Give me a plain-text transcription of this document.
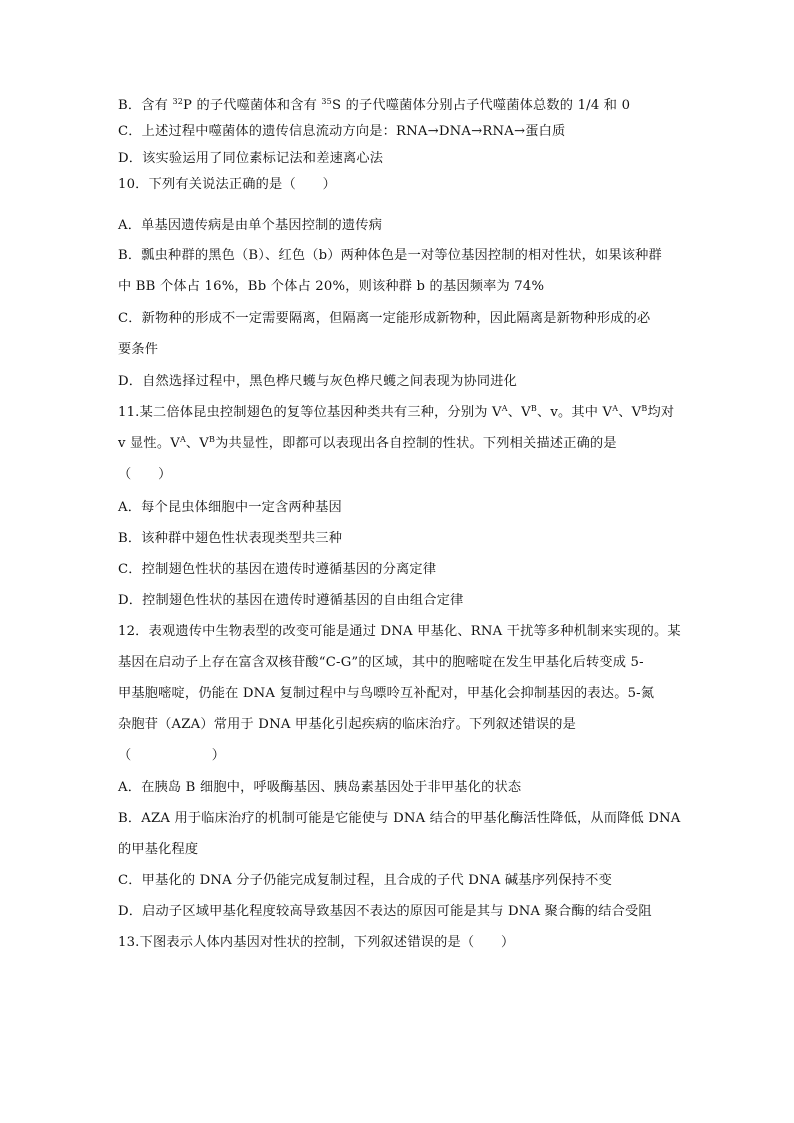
B．含有 $^{32}$P 的子代噬菌体和含有 $^{35}$S 的子代噬菌体分别占子代噬菌体总数的 1/4 和 0
C．上述过程中噬菌体的遗传信息流动方向是：RNA→DNA→RNA→蛋白质
D．该实验运用了同位素标记法和差速离心法
10．下列有关说法正确的是（　　）
A．单基因遗传病是由单个基因控制的遗传病
B．瓢虫种群的黑色（B）、红色（b）两种体色是一对等位基因控制的相对性状，如果该种群
中 BB 个体占 16%，Bb 个体占 20%，则该种群 b 的基因频率为 74%
C．新物种的形成不一定需要隔离，但隔离一定能形成新物种，因此隔离是新物种形成的必
要条件
D．自然选择过程中，黑色桦尺蠖与灰色桦尺蠖之间表现为协同进化
11.某二倍体昆虫控制翅色的复等位基因种类共有三种，分别为 $V^A$、$V^B$、v。其中 $V^A$、$V^B$均对
v 显性。$V^A$、$V^B$为共显性，即都可以表现出各自控制的性状。下列相关描述正确的是
（　　）
A．每个昆虫体细胞中一定含两种基因
B．该种群中翅色性状表现类型共三种
C．控制翅色性状的基因在遗传时遵循基因的分离定律
D．控制翅色性状的基因在遗传时遵循基因的自由组合定律
12．表观遗传中生物表型的改变可能是通过 DNA 甲基化、RNA 干扰等多种机制来实现的。某
基因在启动子上存在富含双核苷酸“C-G”的区域，其中的胞嘧啶在发生甲基化后转变成 5-
甲基胞嘧啶，仍能在 DNA 复制过程中与鸟嘌呤互补配对，甲基化会抑制基因的表达。5-氮
杂胞苷（AZA）常用于 DNA 甲基化引起疾病的临床治疗。下列叙述错误的是
（　　　　　　）
A．在胰岛 B 细胞中，呼吸酶基因、胰岛素基因处于非甲基化的状态
B．AZA 用于临床治疗的机制可能是它能使与 DNA 结合的甲基化酶活性降低，从而降低 DNA
的甲基化程度
C．甲基化的 DNA 分子仍能完成复制过程，且合成的子代 DNA 碱基序列保持不变
D．启动子区域甲基化程度较高导致基因不表达的原因可能是其与 DNA 聚合酶的结合受阻
13.下图表示人体内基因对性状的控制，下列叙述错误的是（　　）
